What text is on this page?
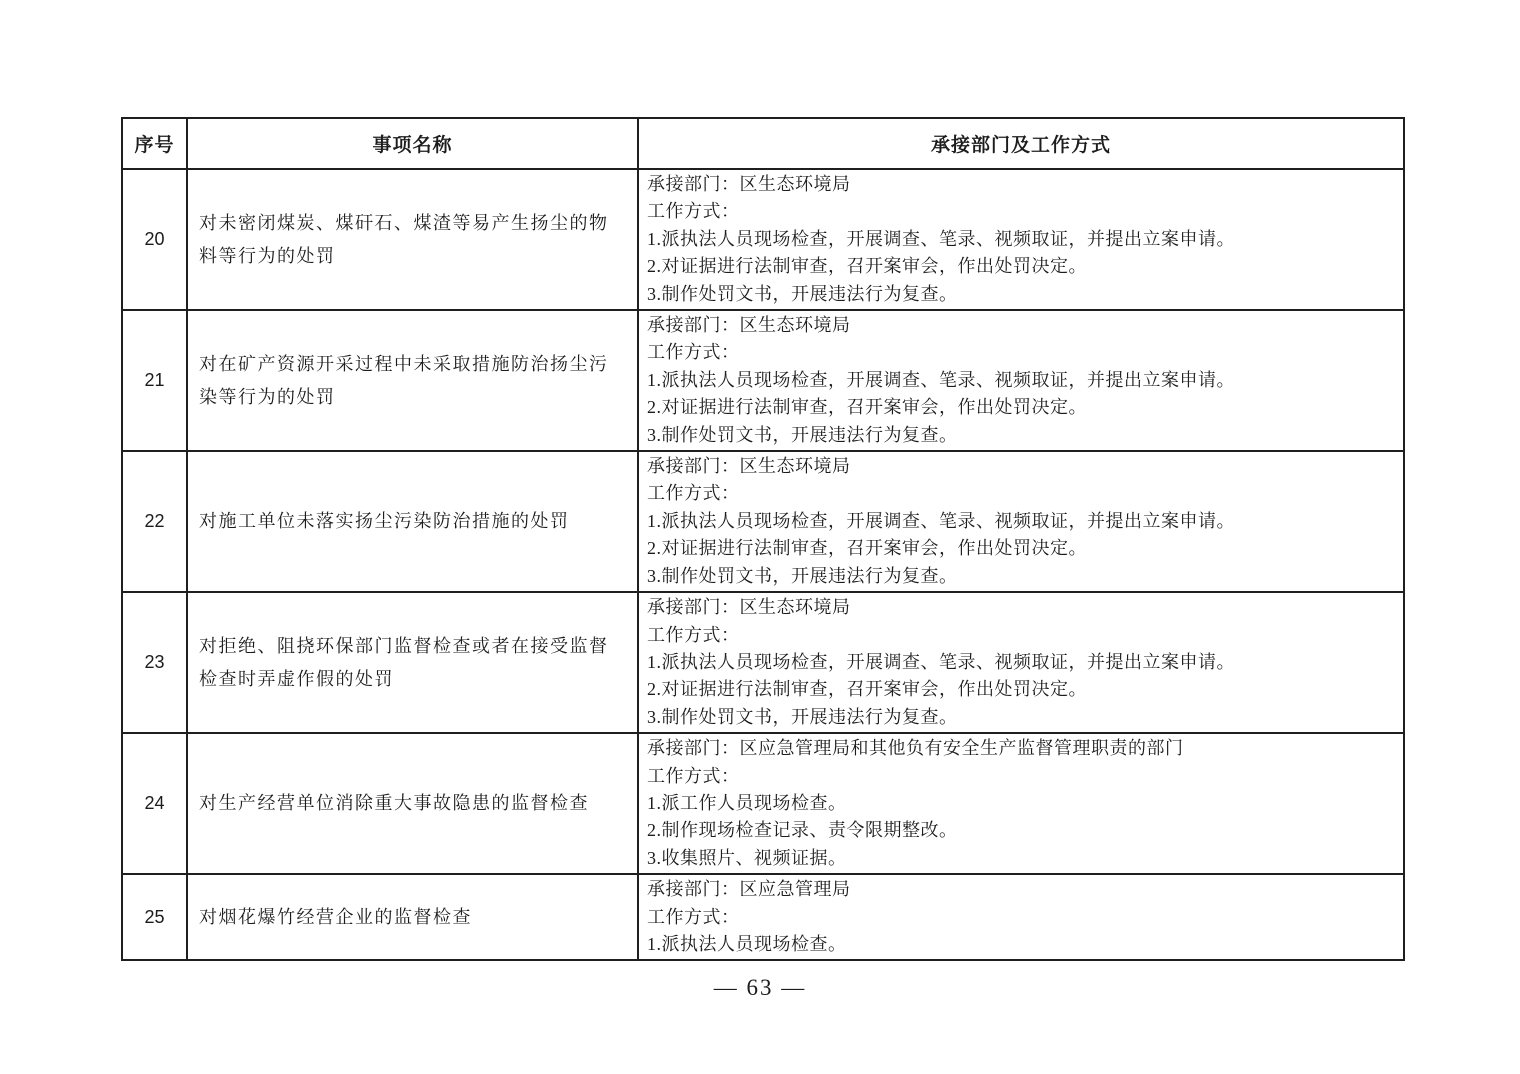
序号	事项名称	承接部门及工作方式
20	对未密闭煤炭、煤矸石、煤渣等易产生扬尘的物料等行为的处罚	承接部门：区生态环境局
工作方式：
1.派执法人员现场检查，开展调查、笔录、视频取证，并提出立案申请。
2.对证据进行法制审查，召开案审会，作出处罚决定。
3.制作处罚文书，开展违法行为复查。

21	对在矿产资源开采过程中未采取措施防治扬尘污染等行为的处罚	承接部门：区生态环境局
工作方式：
1.派执法人员现场检查，开展调查、笔录、视频取证，并提出立案申请。
2.对证据进行法制审查，召开案审会，作出处罚决定。
3.制作处罚文书，开展违法行为复查。

22	对施工单位未落实扬尘污染防治措施的处罚	承接部门：区生态环境局
工作方式：
1.派执法人员现场检查，开展调查、笔录、视频取证，并提出立案申请。
2.对证据进行法制审查，召开案审会，作出处罚决定。
3.制作处罚文书，开展违法行为复查。

23	对拒绝、阻挠环保部门监督检查或者在接受监督检查时弄虚作假的处罚	承接部门：区生态环境局
工作方式：
1.派执法人员现场检查，开展调查、笔录、视频取证，并提出立案申请。
2.对证据进行法制审查，召开案审会，作出处罚决定。
3.制作处罚文书，开展违法行为复查。

24	对生产经营单位消除重大事故隐患的监督检查	承接部门：区应急管理局和其他负有安全生产监督管理职责的部门
工作方式：
1.派工作人员现场检查。
2.制作现场检查记录、责令限期整改。
3.收集照片、视频证据。

25	对烟花爆竹经营企业的监督检查	承接部门：区应急管理局
工作方式：
1.派执法人员现场检查。
— 63 —
